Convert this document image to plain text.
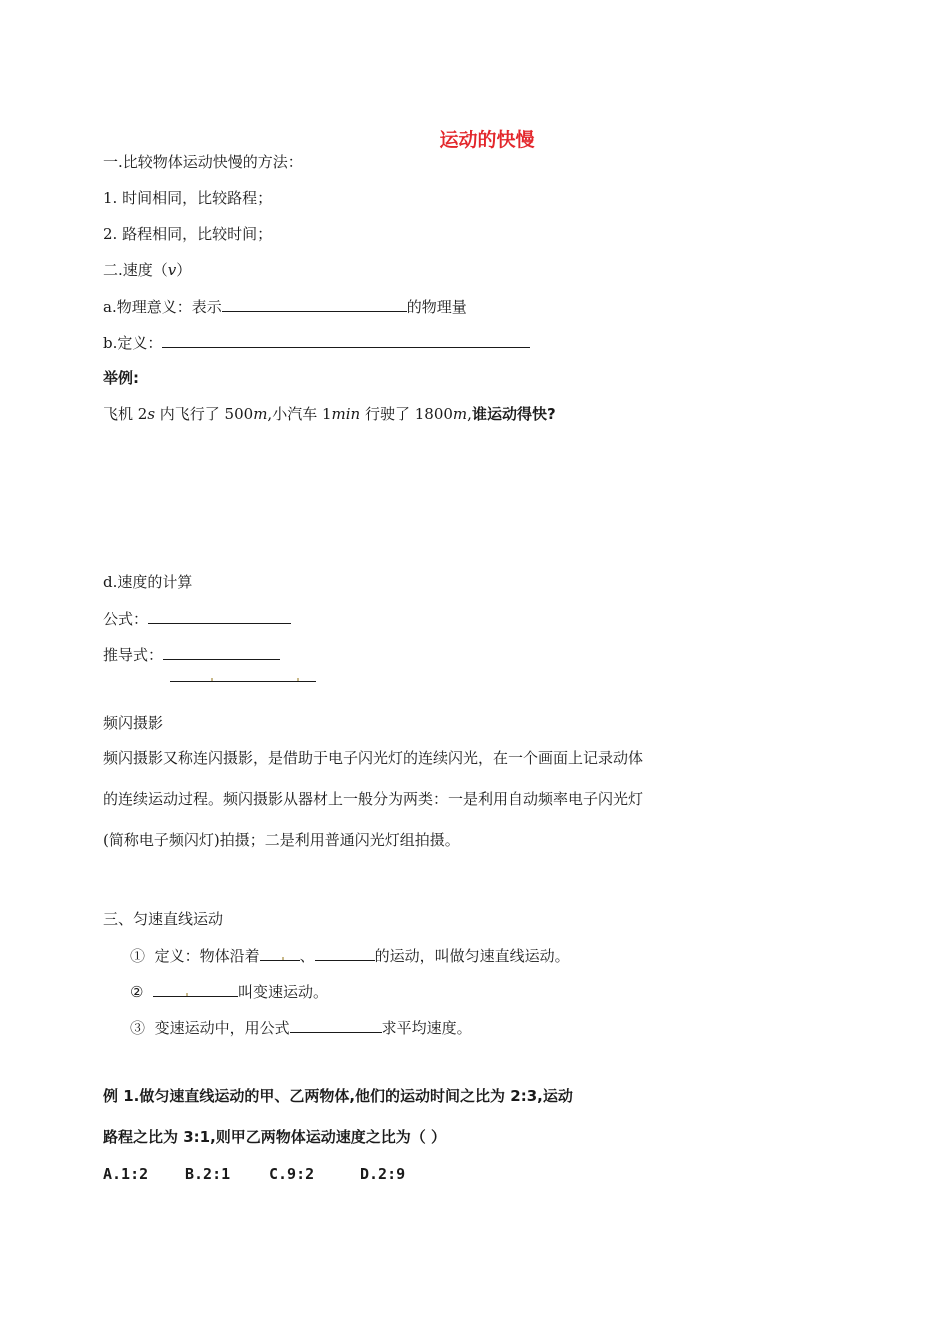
运动的快慢
一.比较物体运动快慢的方法：
1. 时间相同，比较路程；
2. 路程相同，比较时间；
二.速度（v）
a.物理意义：表示	的物理量
b.定义：
举例:
飞机 2s 内飞行了 500m,小汽车 1min 行驶了 1800m,谁运动得快?
d.速度的计算
公式：
推导式：
频闪摄影
频闪摄影又称连闪摄影，是借助于电子闪光灯的连续闪光，在一个画面上记录动体的连续运动过程。频闪摄影从器材上一般分为两类：一是利用自动频率电子闪光灯(简称电子频闪灯)拍摄；二是利用普通闪光灯组拍摄。
三、匀速直线运动
① 定义：物体沿着	、	的运动，叫做匀速直线运动。
②	叫变速运动。
③ 变速运动中，用公式	求平均速度。
例 1.做匀速直线运动的甲、乙两物体,他们的运动时间之比为 2:3,运动
路程之比为 3:1,则甲乙两物体运动速度之比为（ ）
A.1:2 B.2:1	C.9:2	D.2:9
